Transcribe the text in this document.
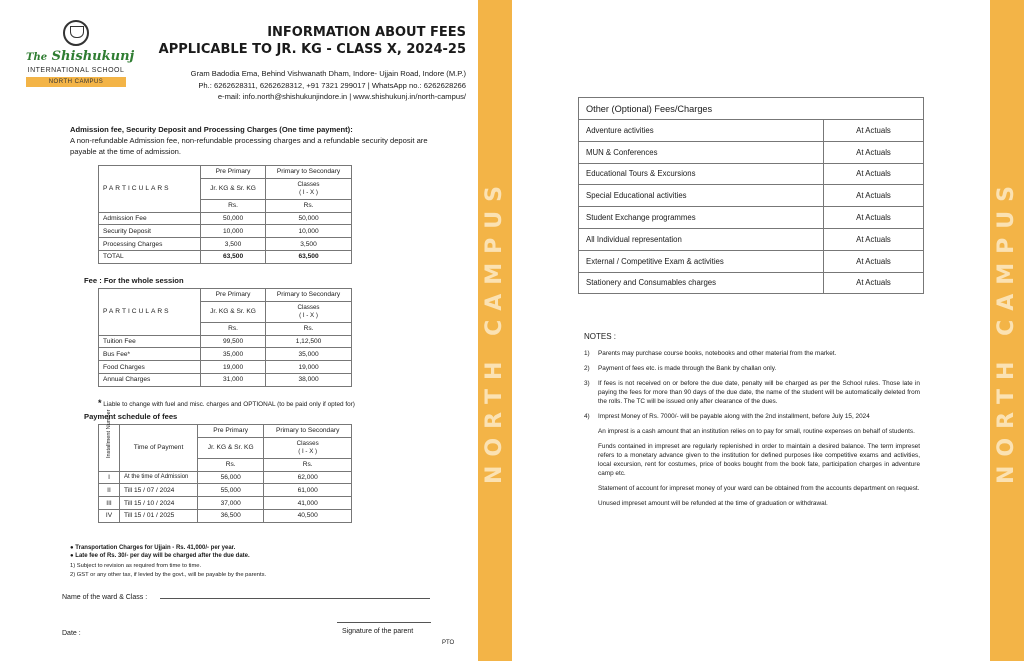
The Shishukunj
INTERNATIONAL SCHOOL
NORTH CAMPUS
INFORMATION ABOUT FEES
APPLICABLE TO JR. KG - CLASS X, 2024-25
Gram Badodia Ema, Behind Vishwanath Dham, Indore- Ujjain Road, Indore (M.P.)
Ph.: 6262628311, 6262628312, +91 7321 299017 | WhatsApp no.: 6262628266
e-mail: info.north@shishukunjindore.in | www.shishukunj.in/north-campus/
Admission fee, Security Deposit and Processing Charges (One time payment):
A non-refundable Admission fee, non-refundable processing charges and a refundable security deposit are payable at the time of admission.
PARTICULARS	Pre Primary	Primary to Secondary
	Jr. KG & Sr. KG	Classes
( I - X )

	Rs.	Rs.
Admission Fee	50,000	50,000
Security Deposit	10,000	10,000
Processing Charges	3,500	3,500
TOTAL	63,500	63,500
Fee : For the whole session
PARTICULARS	Pre Primary	Primary to Secondary
	Jr. KG & Sr. KG	Classes
( I - X )

	Rs.	Rs.
Tuition Fee	99,500	1,12,500
Bus Fee*	35,000	35,000
Food Charges	19,000	19,000
Annual Charges	31,000	38,000
* Liable to change with fuel and misc. charges and OPTIONAL (to be paid only if opted for)
Payment schedule of fees
Installment Number	Time of Payment	Pre Primary	Primary to Secondary
		Jr. KG & Sr. KG	Classes
( I - X )

		Rs.	Rs.
I	At the time of Admission	56,000	62,000
II	Till 15 / 07 / 2024	55,000	61,000
III	Till 15 / 10 / 2024	37,000	41,000
IV	Till 15 / 01 / 2025	36,500	40,500
● Transportation Charges for Ujjain - Rs. 41,000/- per year.
● Late fee of Rs. 30/- per day will be charged after the due date.
1) Subject to revision as required from time to time.
2) GST or any other tax, if levied by the govt., will be payable by the parents.
Name of the ward & Class :
Date :	Signature of the parent
PTO
NORTH CAMPUS
Other (Optional) Fees/Charges	
Adventure activities	At Actuals
MUN & Conferences	At Actuals
Educational Tours & Excursions	At Actuals
Special Educational activities	At Actuals
Student Exchange programmes	At Actuals
All Individual representation	At Actuals
External / Competitive Exam & activities	At Actuals
Stationery and Consumables charges	At Actuals
NOTES :
1) Parents may purchase course books, notebooks and other material from the market.
2) Payment of fees etc. is made through the Bank by challan only.
3) If fees is not received on or before the due date, penalty will be charged as per the School rules. Those late in paying the fees for more than 90 days of the due date, the name of the student will be automatically deleted from the rolls. The TC will be issued only after clearance of the dues.
4) Imprest Money of Rs. 7000/- will be payable along with the 2nd installment, before July 15, 2024
An imprest is a cash amount that an institution relies on to pay for small, routine expenses on behalf of students.
Funds contained in impreset are regularly replenished in order to maintain a desired balance. The term impreset refers to a monetary advance given to the institution for defined purposes like competitive exams and activities, local excursion, rent for costumes, price of books bought from the book fate, participation charges in adventure camp etc.
Statement of account for impreset money of your ward can be obtained from the accounts department on request.
Unused impreset amount will be refunded at the time of graduation or withdrawal.
NORTH CAMPUS
